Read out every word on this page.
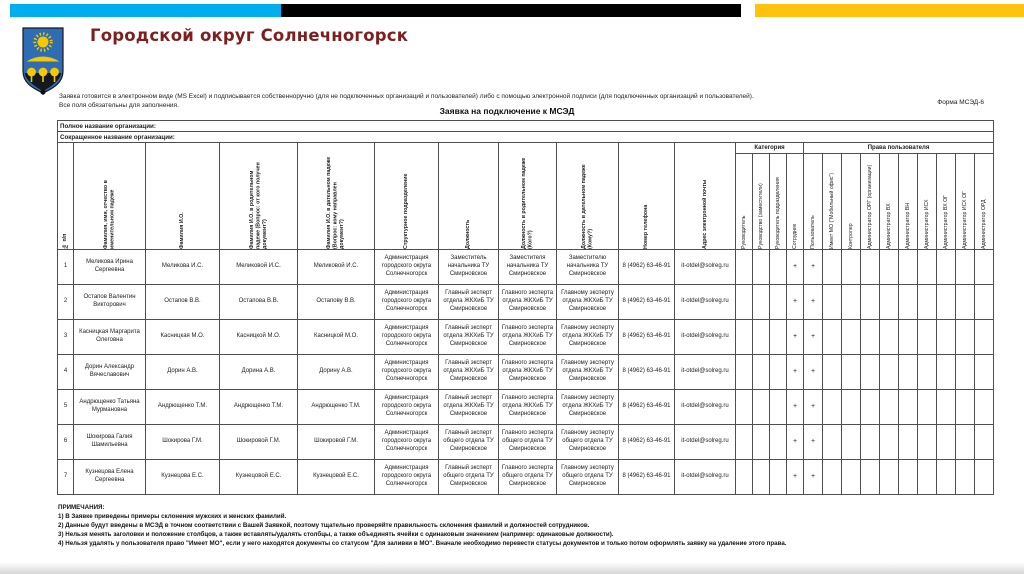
Городской округ Солнечногорск
Заявка готовится в электронном виде (MS Excel) и подписывается собственноручно (для не подключенных организаций и пользователей) либо с помощью электронной подписи (для подключенных организаций и пользователей).
Все поля обязательны для заполнения.	Форма МСЭД-6
Заявка на подключение к МСЭД
Полное название организации:																								
Сокращенное название организации:																								

№ п/п	Фамилия, имя, отчество в именительном падеже	Фамилия И.О.	Фамилия И.О. в родительном падеже (Вопрос: от кого получен документ?)	Фамилия И.О. в дательном падеже (Вопрос: кому направлен документ?)	Структурное подразделение	Должность	Должность в родительном падеже (Кого?)	Должность в дательном падеже (Кому?)	Номер телефона	Адрес электронной почты	Категория				Права пользователя									

											Руководитель	Руководство (заместители)	Руководитель подразделения	Сотрудник	Пользователь	Имеет МО ("Мобильный офис")	Контролер	Администратор ОРГ (организации)	Администратор ВХ	Администратор ВН	Администратор ИСХ	Администратор ВХ ОГ	Администратор ИСХ ОГ	Администратор ОРД

1	Меликова Ирина Сергеевна	Меликова И.С.	Меликовой И.С.	Меликовой И.С.	Администрация городского округа Солнечногорск	Заместитель начальника ТУ Смирновское	Заместителя начальника ТУ Смирновское	Заместителю начальника ТУ Смирновское	8 (4962) 63-46-91	it-otdel@solreg.ru				+	+									
2	Остапов Валентин Викторович	Остапов В.В.	Остапова В.В.	Остапову В.В.	Администрация городского округа Солнечногорск	Главный эксперт отдела ЖКХиБ ТУ Смирновское	Главного эксперта отдела ЖКХиБ ТУ Смирновское	Главному эксперту отдела ЖКХиБ ТУ Смирновское	8 (4962) 63-46-91	it-otdel@solreg.ru				+	+									
3	Касницкая Маргарита Олеговна	Касницкая М.О.	Касницкой М.О.	Касницкой М.О.	Администрация городского округа Солнечногорск	Главный эксперт отдела ЖКХиБ ТУ Смирновское	Главного эксперта отдела ЖКХиБ ТУ Смирновское	Главному эксперту отдела ЖКХиБ ТУ Смирновское	8 (4962) 63-46-91	it-otdel@solreg.ru				+	+									
4	Дорин Александр Вячеславович	Дорин А.В.	Дорина А.В.	Дорину А.В.	Администрация городского округа Солнечногорск	Главный эксперт отдела ЖКХиБ ТУ Смирновское	Главного эксперта отдела ЖКХиБ ТУ Смирновское	Главному эксперту отдела ЖКХиБ ТУ Смирновское	8 (4962) 63-46-91	it-otdel@solreg.ru				+	+									
5	Андрющенко Татьяна Мурмановна	Андрющенко Т.М.	Андрющенко Т.М.	Андрющенко Т.М.	Администрация городского округа Солнечногорск	Главный эксперт отдела ЖКХиБ ТУ Смирновское	Главного эксперта отдела ЖКХиБ ТУ Смирновское	Главному эксперту отдела ЖКХиБ ТУ Смирновское	8 (4962) 63-46-91	it-otdel@solreg.ru				+	+									
6	Шокирова Галия Шамильевна	Шокирова Г.М.	Шокировой Г.М.	Шокировой Г.М.	Администрация городского округа Солнечногорск	Главный эксперт общего отдела ТУ Смирновское	Главного эксперта общего отдела ТУ Смирновское	Главному эксперту общего отдела ТУ Смирновское	8 (4962) 63-46-91	it-otdel@solreg.ru				+	+									
7	Кузнецова Елена Сергеевна	Кузнецова Е.С.	Кузнецовой Е.С.	Кузнецовой Е.С.	Администрация городского округа Солнечногорск	Главный эксперт общего отдела ТУ Смирновское	Главного эксперта общего отдела ТУ Смирновское	Главному эксперту общего отдела ТУ Смирновское	8 (4962) 63-46-91	it-otdel@solreg.ru				+	+									
ПРИМЕЧАНИЯ:
1) В Заявке приведены примеры склонения мужских и женских фамилий.
2) Данные будут введены в МСЭД в точном соответствии с Вашей Заявкой, поэтому тщательно проверяйте правильность склонения фамилий и должностей сотрудников.
3) Нельзя менять заголовки и положение столбцов, а также вставлять/удалять столбцы, а также объединять ячейки с одинаковым значением (например: одинаковые должности).
4) Нельзя удалять у пользователя право "Имеет МО", если у него находятся документы со статусом "Для заливки в МО". Вначале необходимо перевести статусы документов и только потом оформлять заявку на удаление этого права.
